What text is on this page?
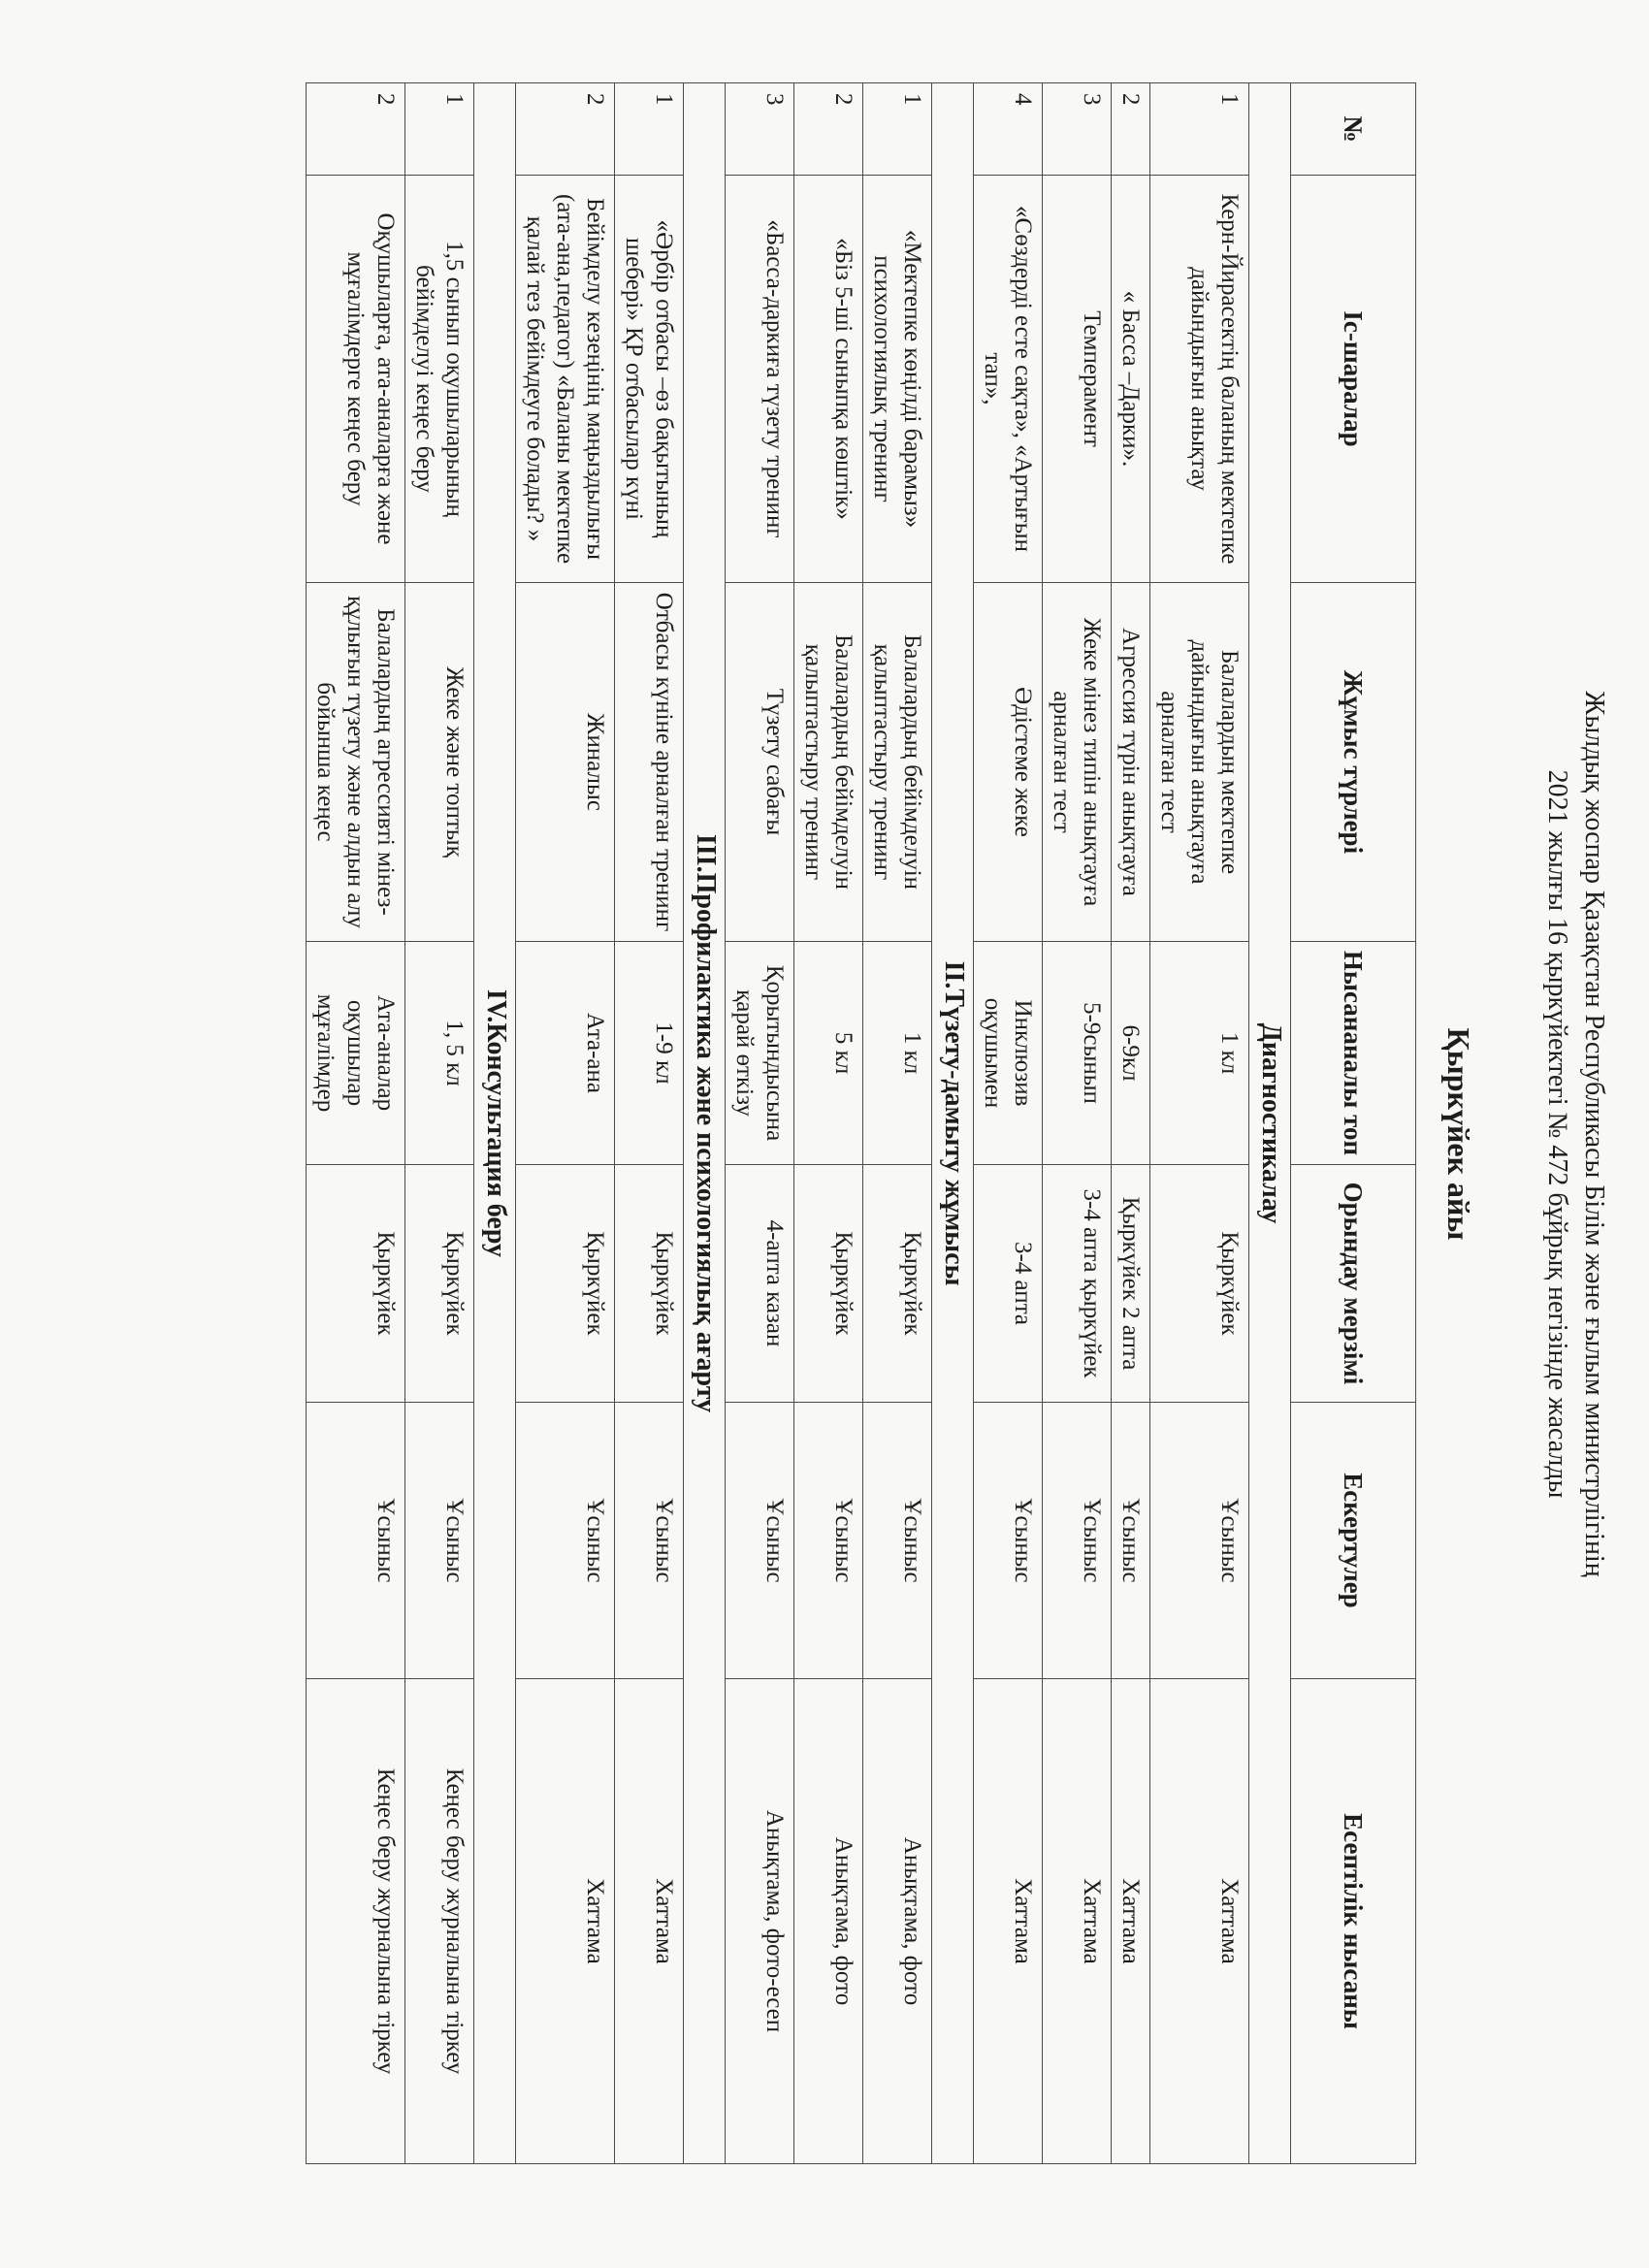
Жылдық жоспар Қазақстан Республикасы Білім және ғылым министрлігінің
2021 жылғы 16 қыркүйектегі № 472 бұйрық негізінде жасалды
Қыркүйек айы
№	Іс-шаралар	Жұмыс түрлері	Нысананалы топ	Орындау мерзімі	Ескертулер	Есептілік нысаны
Диагностикалау						
1	Керн-Йирасектің баланың мектепке дайындығын анықтау	Балалардың мектепке дайындығын анықтауға арналған тест	1 кл	Қыркүйек	Ұсыныс	Хаттама
2	« Басса –Дарки».	Агрессия түрін анықтауға	6-9кл	Қыркүйек 2 апта	Ұсыныс	Хаттама
3	Темперамент	Жеке мінез типін анықтауға арналған тест	5-9сынып	3-4 апта қыркүйек	Ұсыныс	Хаттама
4	«Сөздерді есте сақта», «Артығын тап»,	Әдістеме жеке	Инклюзив оқушымен	3-4 апта	Ұсыныс	Хаттама
ІІ.Түзету-дамыту жұмысы						
1	«Мектепке көңілді барамыз» психологиялық тренинг	Балалардың бейімделуін қалыптастыру тренинг	1 кл	Қыркүйек	Ұсыныс	Анықтама, фото
2	«Біз 5-ші сыныпқа көштік»	Балалардың бейімделуін қалыптастыру тренинг	5 кл	Қыркүйек	Ұсыныс	Анықтама, фото
3	«Басса-даркиға түзету тренинг	Түзету сабағы	Қорытындысына қарай өткізу	4-апта казан	Ұсыныс	Анықтама, фото-есеп
ІІІ.Профилактика және психологиялық ағарту						
1	«Әрбір отбасы –өз бақытының шебері» ҚР отбасылар күні	Отбасы күніне арналған тренинг	1-9 кл	Қыркүйек	Ұсыныс	Хаттама
2	Бейімделу кезеңінің маңыздылығы (ата-ана,педагог) «Баланы мектепке қалай тез бейімдеуге болады? »	Жиналыс	Ата-ана	Қыркүйек	Ұсыныс	Хаттама
IV.Консультация беру						
1	1,5 сынып оқушыларының бейімделуі кеңес беру	Жеке және топтық	1, 5 кл	Қыркүйек	Ұсыныс	Кеңес беру журналына тіркеу
2	Оқушыларға, ата-аналарға және мұғалімдерге кеңес беру	Балалардың агрессивті мінез-құлығын түзету және алдын алу бойынша кеңес	Ата-аналар оқушылар мұғалімдер	Қыркүйек	Ұсыныс	Кеңес беру журналына тіркеу
